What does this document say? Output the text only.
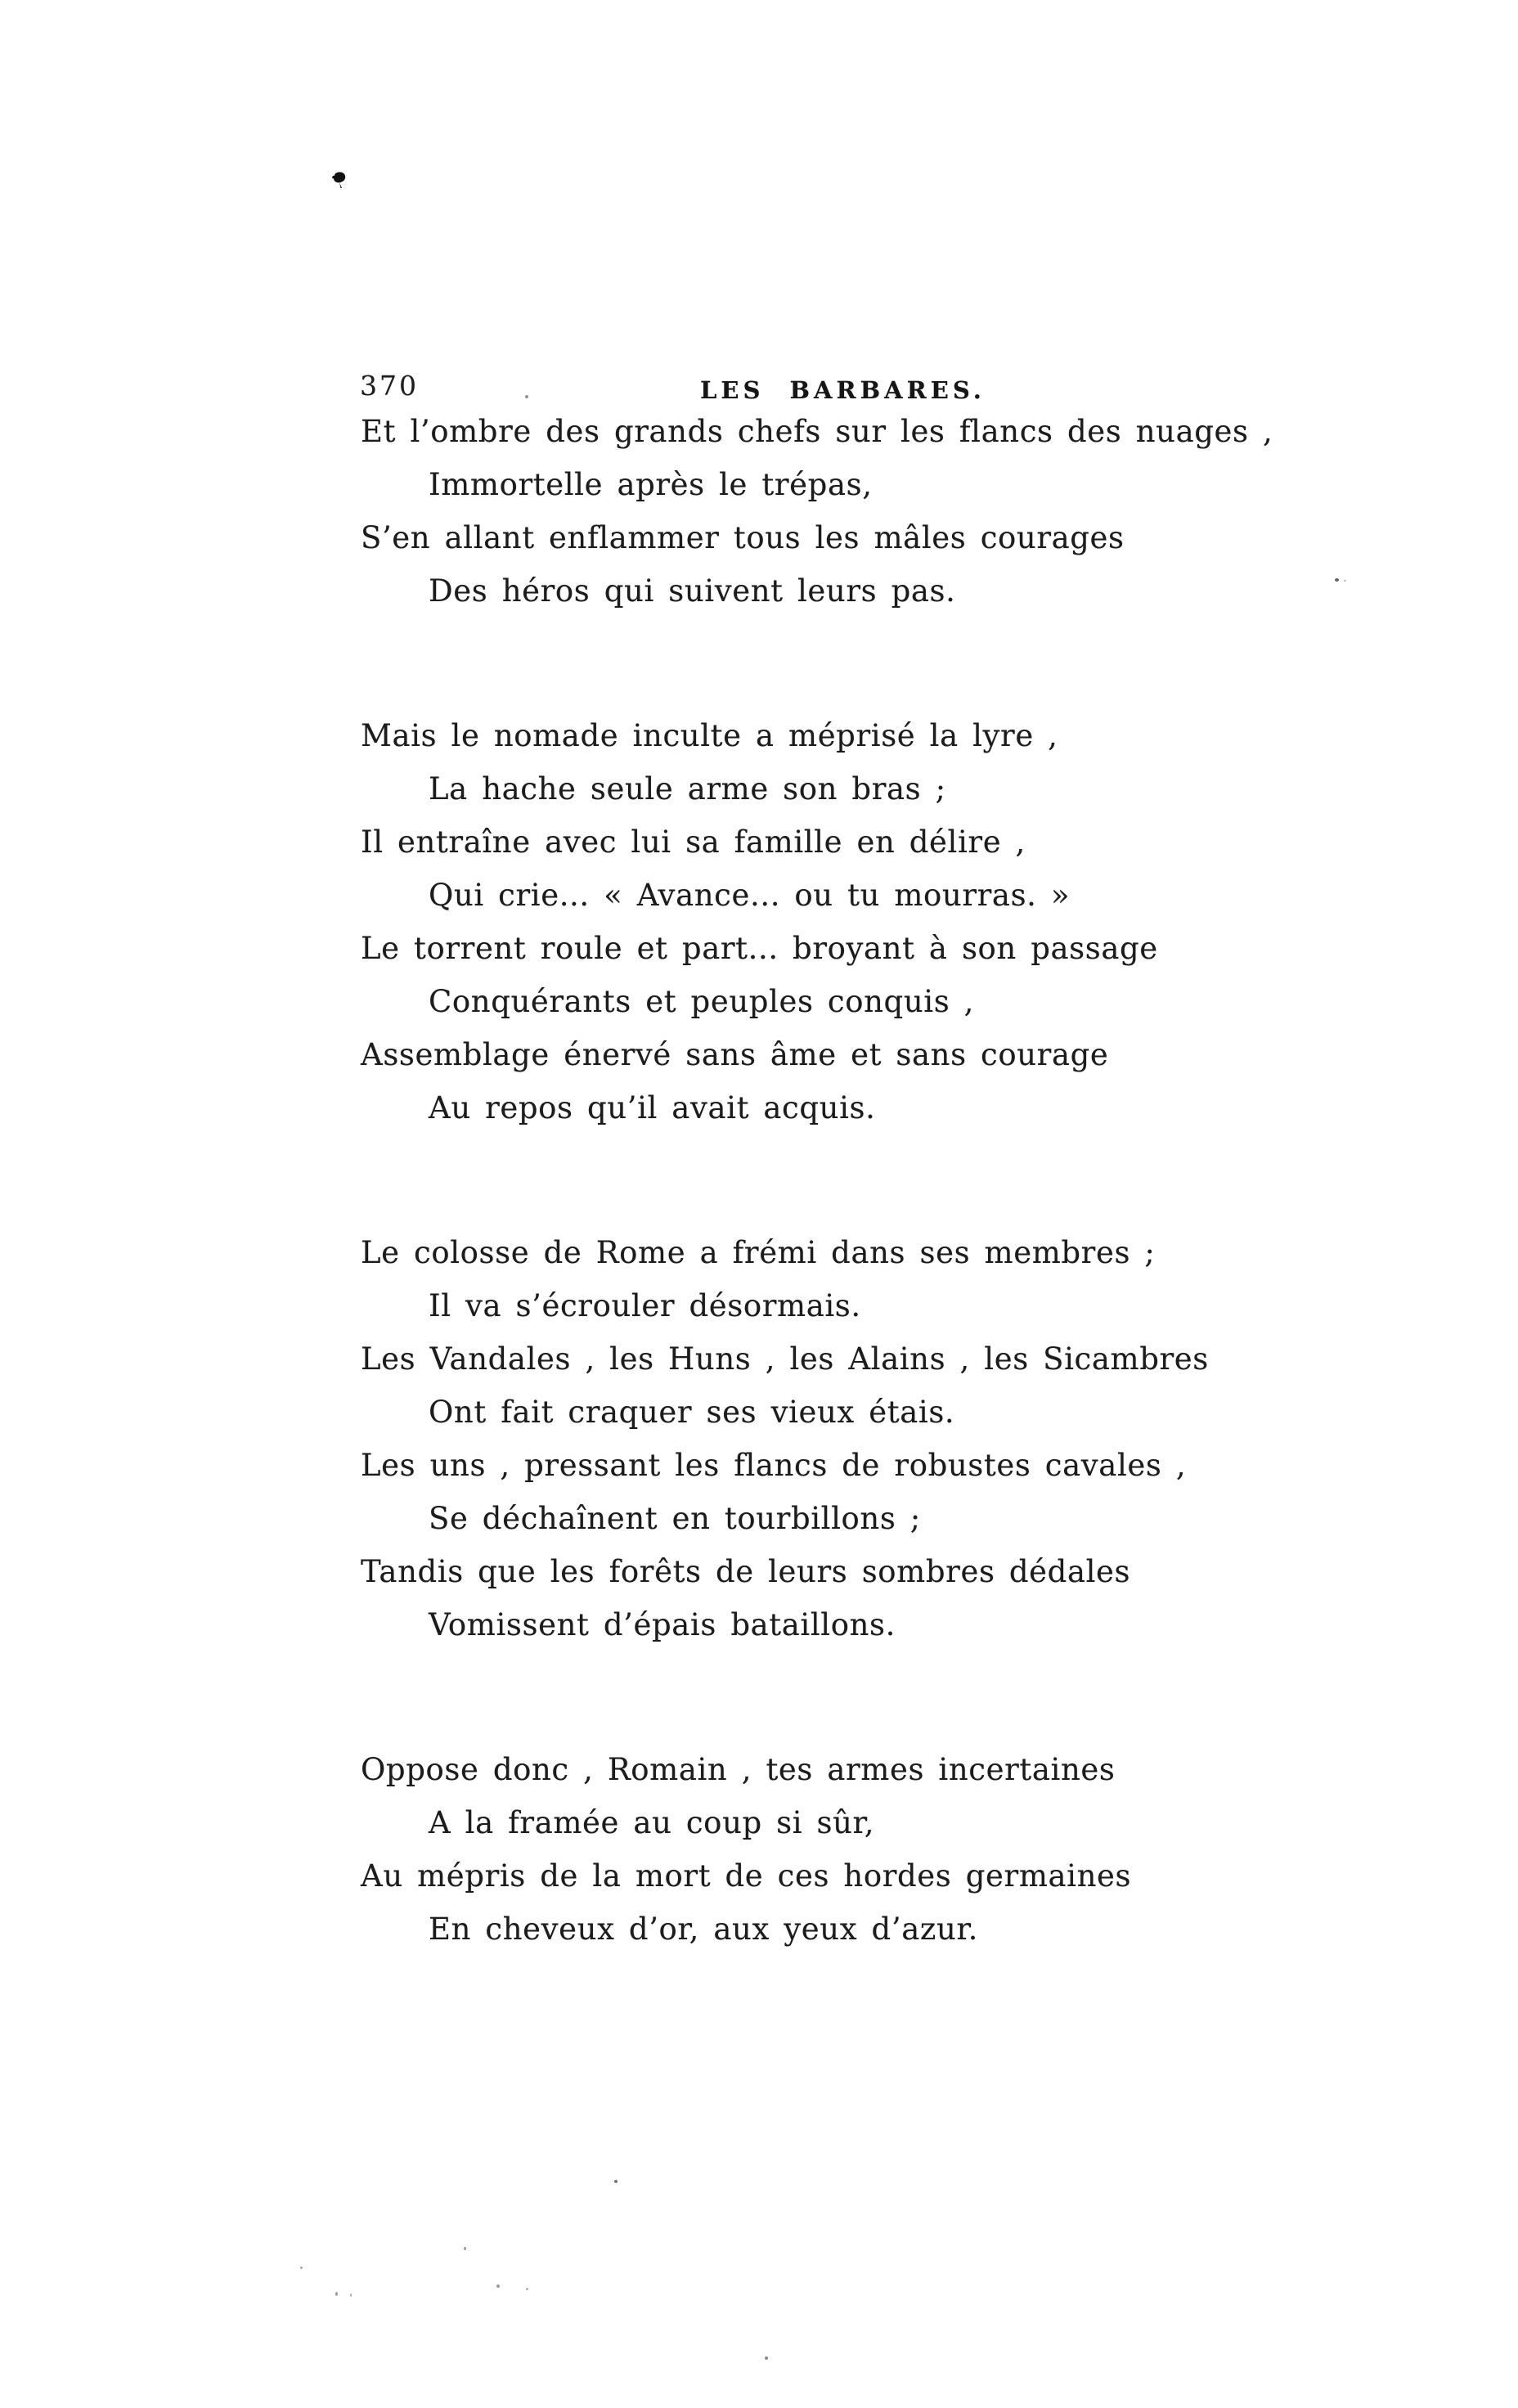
370	LES BARBARES.
Et l’ombre des grands chefs sur les flancs des nuages ,
Immortelle après le trépas,
S’en allant enflammer tous les mâles courages
Des héros qui suivent leurs pas.
Mais le nomade inculte a méprisé la lyre ,
La hache seule arme son bras ;
Il entraîne avec lui sa famille en délire ,
Qui crie... « Avance... ou tu mourras. »
Le torrent roule et part... broyant à son passage
Conquérants et peuples conquis ,
Assemblage énervé sans âme et sans courage
Au repos qu’il avait acquis.
Le colosse de Rome a frémi dans ses membres ;
Il va s’écrouler désormais.
Les Vandales , les Huns , les Alains , les Sicambres
Ont fait craquer ses vieux étais.
Les uns , pressant les flancs de robustes cavales ,
Se déchaînent en tourbillons ;
Tandis que les forêts de leurs sombres dédales
Vomissent d’épais bataillons.
Oppose donc , Romain , tes armes incertaines
A la framée au coup si sûr,
Au mépris de la mort de ces hordes germaines
En cheveux d’or, aux yeux d’azur.
